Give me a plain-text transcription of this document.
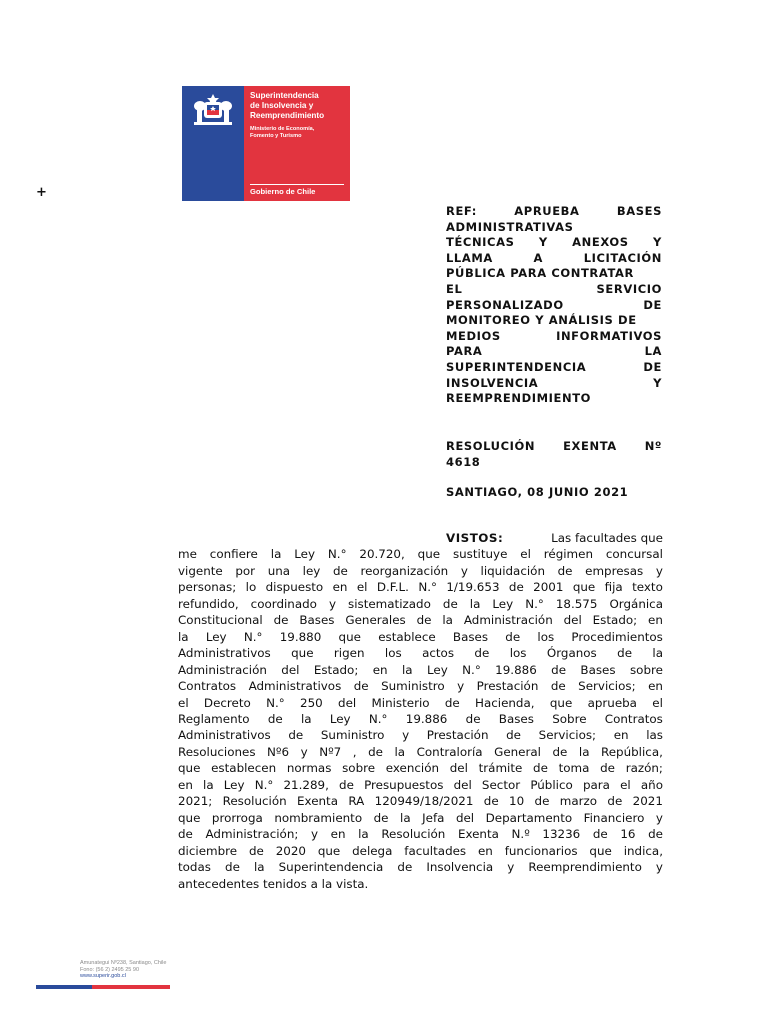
Superintendencia
de Insolvencia y
Reemprendimiento
Ministerio de Economía,
Fomento y Turismo
Gobierno de Chile
+
REF:	APRUEBA	BASES
ADMINISTRATIVAS
TÉCNICAS Y ANEXOS Y
LLAMA	A	LICITACIÓN
PÚBLICA PARA CONTRATAR
EL	SERVICIO
PERSONALIZADO	DE
MONITOREO Y ANÁLISIS DE
MEDIOS	INFORMATIVOS
PARA	LA
SUPERINTENDENCIA	DE
INSOLVENCIA	Y
REEMPRENDIMIENTO
RESOLUCIÓN EXENTA Nº
4618
SANTIAGO, 08 JUNIO 2021
VISTOS:	Las facultades que
me confiere la Ley N.° 20.720, que sustituye el régimen concursal
vigente por una ley de reorganización y liquidación de empresas y
personas; lo dispuesto en el D.F.L. N.° 1/19.653 de 2001 que fija texto
refundido, coordinado y sistematizado de la Ley N.° 18.575 Orgánica
Constitucional de Bases Generales de la Administración del Estado; en
la Ley N.° 19.880 que establece Bases de los Procedimientos
Administrativos que rigen los actos de los Órganos de la
Administración del Estado; en la Ley N.° 19.886 de Bases sobre
Contratos Administrativos de Suministro y Prestación de Servicios; en
el Decreto N.° 250 del Ministerio de Hacienda, que aprueba el
Reglamento de la Ley N.° 19.886 de Bases Sobre Contratos
Administrativos de Suministro y Prestación de Servicios; en las
Resoluciones Nº6 y Nº7 , de la Contraloría General de la República,
que establecen normas sobre exención del trámite de toma de razón;
en la Ley N.° 21.289, de Presupuestos del Sector Público para el año
2021; Resolución Exenta RA 120949/18/2021 de 10 de marzo de 2021
que prorroga nombramiento de la Jefa del Departamento Financiero y
de Administración; y en la Resolución Exenta N.º 13236 de 16 de
diciembre de 2020 que delega facultades en funcionarios que indica,
todas de la Superintendencia de Insolvencia y Reemprendimiento y
antecedentes tenidos a la vista.
Amunategui Nº238, Santiago, Chile
Fono: (56 2) 2495 25 90
www.superir.gob.cl
